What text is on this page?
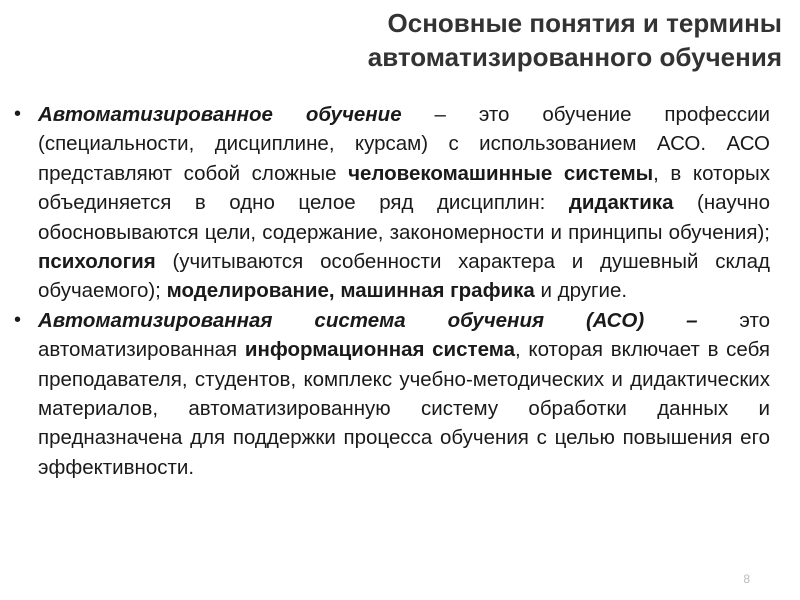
Основные понятия и термины
автоматизированного обучения
• Автоматизированное обучение – это обучение профессии (специальности, дисциплине, курсам) с использованием АСО. АСО представляют собой сложные человекомашинные системы, в которых объединяется в одно целое ряд дисциплин: дидактика (научно обосновываются цели, содержание, закономерности и принципы обучения); психология (учитываются особенности характера и душевный склад обучаемого); моделирование, машинная графика и другие.
• Автоматизированная система обучения (АСО) – это автоматизированная информационная система, которая включает в себя преподавателя, студентов, комплекс учебно-методических и дидактических материалов, автоматизированную систему обработки данных и предназначена для поддержки процесса обучения с целью повышения его эффективности.
8
